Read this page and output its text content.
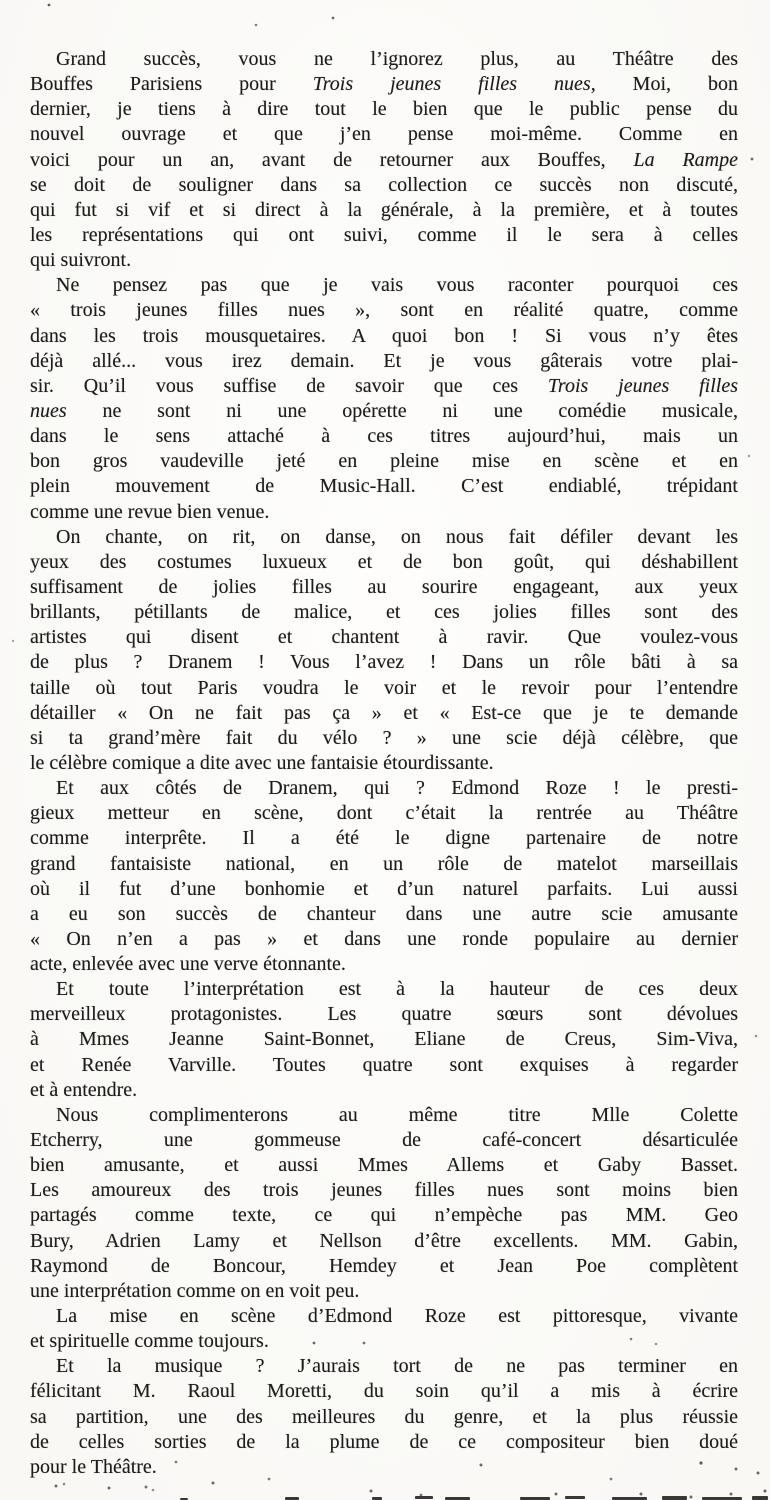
Grand succès, vous ne l’ignorez plus, au Théâtre des
Bouffes Parisiens pour Trois jeunes filles nues, Moi, bon
dernier, je tiens à dire tout le bien que le public pense du
nouvel ouvrage et que j’en pense moi-même. Comme en
voici pour un an, avant de retourner aux Bouffes, La Rampe
se doit de souligner dans sa collection ce succès non discuté,
qui fut si vif et si direct à la générale, à la première, et à toutes
les représentations qui ont suivi, comme il le sera à celles
qui suivront.
Ne pensez pas que je vais vous raconter pourquoi ces
« trois jeunes filles nues », sont en réalité quatre, comme
dans les trois mousquetaires. A quoi bon ! Si vous n’y êtes
déjà allé... vous irez demain. Et je vous gâterais votre plai-
sir. Qu’il vous suffise de savoir que ces Trois jeunes filles
nues ne sont ni une opérette ni une comédie musicale,
dans le sens attaché à ces titres aujourd’hui, mais un
bon gros vaudeville jeté en pleine mise en scène et en
plein mouvement de Music-Hall. C’est endiablé, trépidant
comme une revue bien venue.
On chante, on rit, on danse, on nous fait défiler devant les
yeux des costumes luxueux et de bon goût, qui déshabillent
suffisament de jolies filles au sourire engageant, aux yeux
brillants, pétillants de malice, et ces jolies filles sont des
artistes qui disent et chantent à ravir. Que voulez-vous
de plus ? Dranem ! Vous l’avez ! Dans un rôle bâti à sa
taille où tout Paris voudra le voir et le revoir pour l’entendre
détailler « On ne fait pas ça » et « Est-ce que je te demande
si ta grand’mère fait du vélo ? » une scie déjà célèbre, que
le célèbre comique a dite avec une fantaisie étourdissante.
Et aux côtés de Dranem, qui ? Edmond Roze ! le presti-
gieux metteur en scène, dont c’était la rentrée au Théâtre
comme interprête. Il a été le digne partenaire de notre
grand fantaisiste national, en un rôle de matelot marseillais
où il fut d’une bonhomie et d’un naturel parfaits. Lui aussi
a eu son succès de chanteur dans une autre scie amusante
« On n’en a pas » et dans une ronde populaire au dernier
acte, enlevée avec une verve étonnante.
Et toute l’interprétation est à la hauteur de ces deux
merveilleux protagonistes. Les quatre sœurs sont dévolues
à Mmes Jeanne Saint-Bonnet, Eliane de Creus, Sim-Viva,
et Renée Varville. Toutes quatre sont exquises à regarder
et à entendre.
Nous complimenterons au même titre Mlle Colette
Etcherry, une gommeuse de café-concert désarticulée
bien amusante, et aussi Mmes Allems et Gaby Basset.
Les amoureux des trois jeunes filles nues sont moins bien
partagés comme texte, ce qui n’empèche pas MM. Geo
Bury, Adrien Lamy et Nellson d’être excellents. MM. Gabin,
Raymond de Boncour, Hemdey et Jean Poe complètent
une interprétation comme on en voit peu.
La mise en scène d’Edmond Roze est pittoresque, vivante
et spirituelle comme toujours.
Et la musique ? J’aurais tort de ne pas terminer en
félicitant M. Raoul Moretti, du soin qu’il a mis à écrire
sa partition, une des meilleures du genre, et la plus réussie
de celles sorties de la plume de ce compositeur bien doué
pour le Théâtre.
